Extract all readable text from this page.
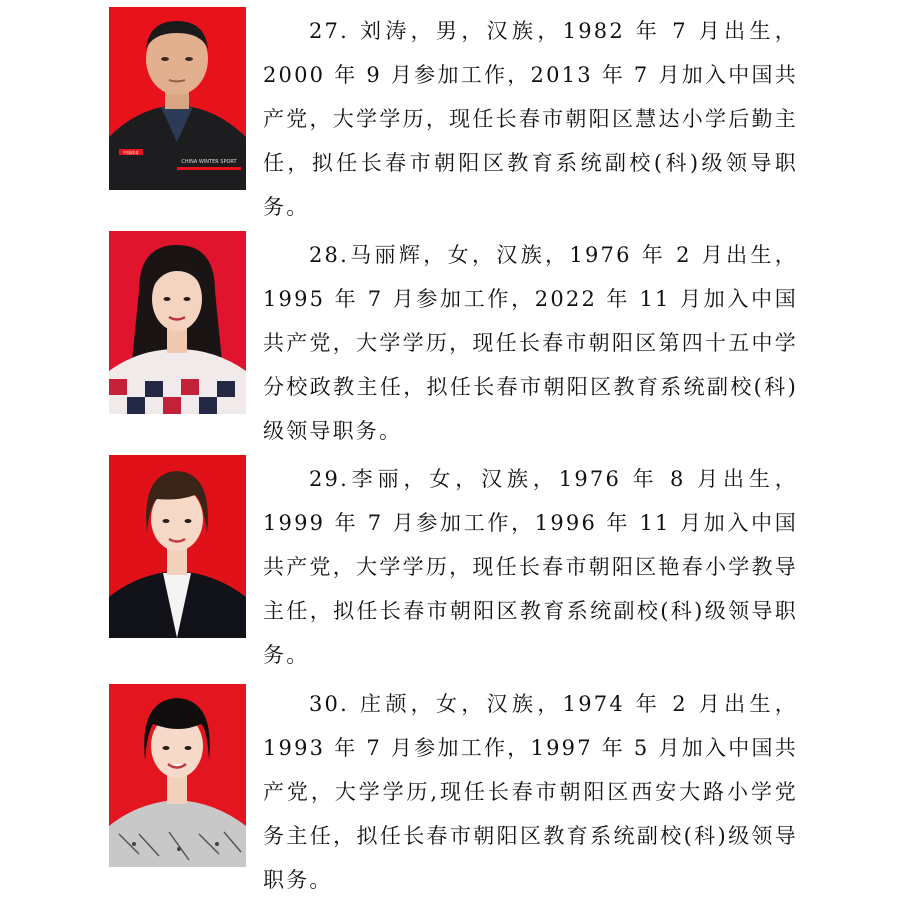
中国体育
CHINA WINTER SPORT

27. 刘涛，男，汉族，1982 年 7 月出生，2000 年 9 月参加工作，2013 年 7 月加入中国共产党，大学学历，现任长春市朝阳区慧达小学后勤主任，拟任长春市朝阳区教育系统副校(科)级领导职务。

28.马丽辉，女，汉族，1976 年 2 月出生，1995 年 7 月参加工作，2022 年 11 月加入中国共产党，大学学历，现任长春市朝阳区第四十五中学分校政教主任，拟任长春市朝阳区教育系统副校(科)级领导职务。

29.李丽，女，汉族，1976 年 8 月出生，1999 年 7 月参加工作，1996 年 11 月加入中国共产党，大学学历，现任长春市朝阳区艳春小学教导主任，拟任长春市朝阳区教育系统副校(科)级领导职务。

30. 庄颉，女，汉族，1974 年 2 月出生，1993 年 7 月参加工作，1997 年 5 月加入中国共产党，大学学历,现任长春市朝阳区西安大路小学党务主任，拟任长春市朝阳区教育系统副校(科)级领导职务。
